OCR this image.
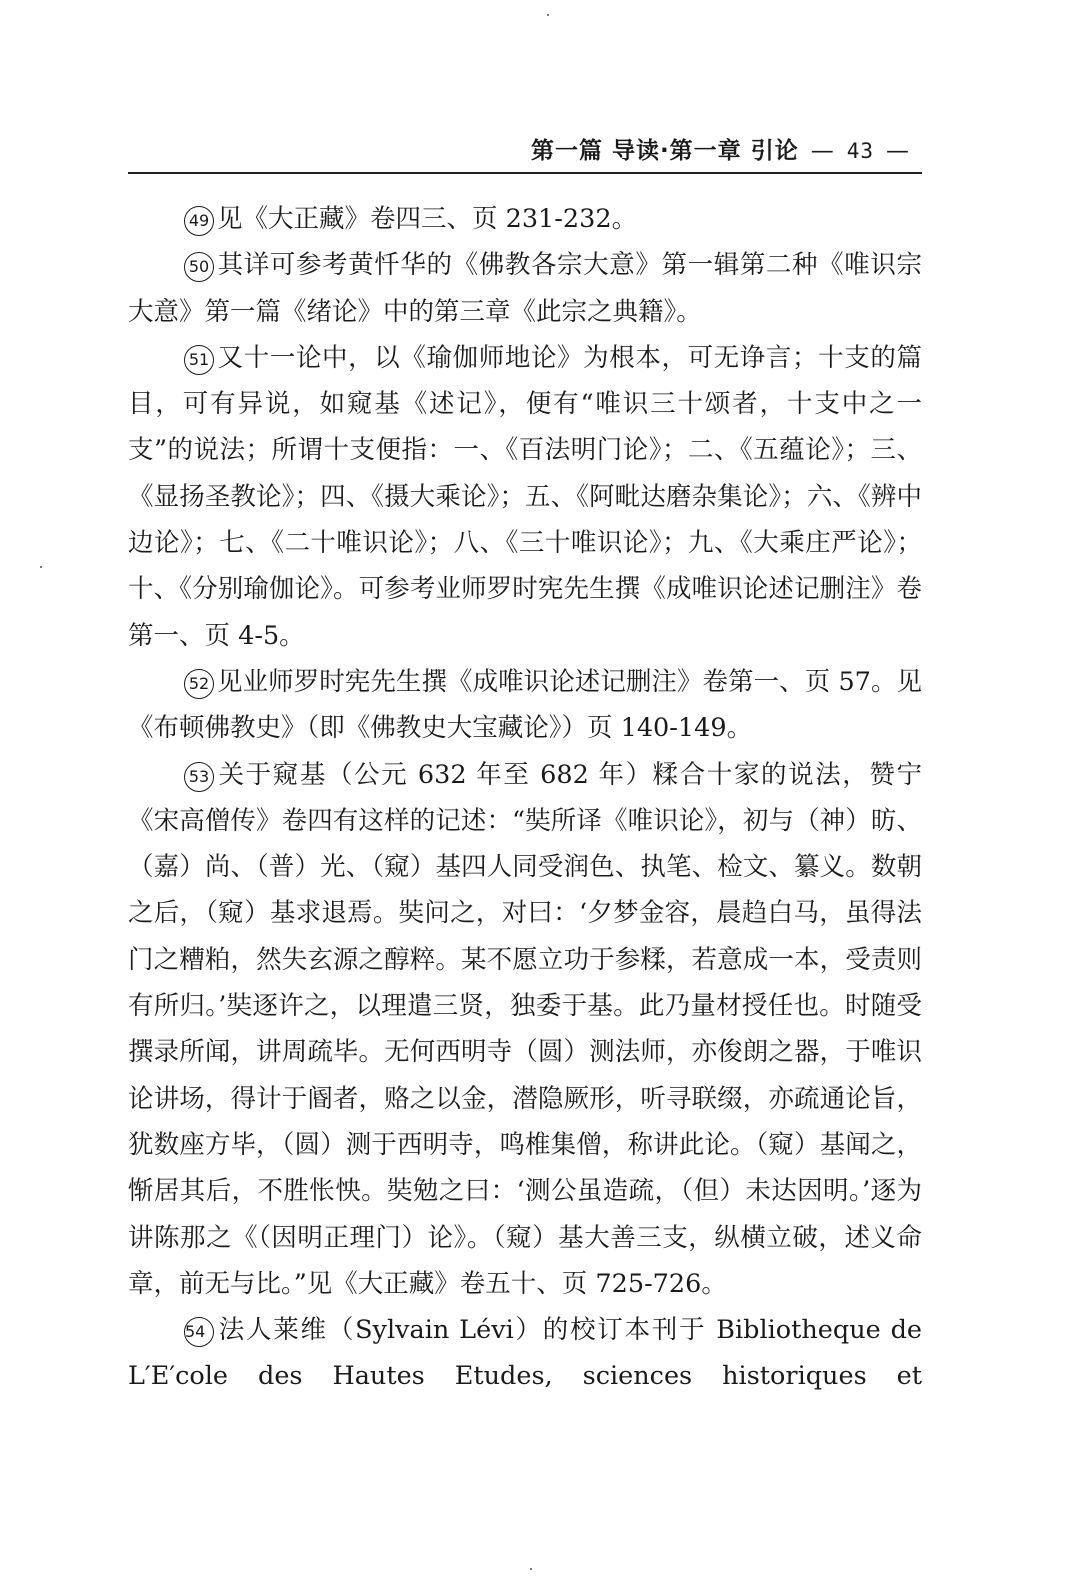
第一篇 导读·第一章 引论 — 43 —

49 见《大正藏》卷四三、页 231-232。

50 其详可参考黄忏华的《佛教各宗大意》第一辑第二种《唯识宗大意》第一篇《绪论》中的第三章《此宗之典籍》。

51 又十一论中，以《瑜伽师地论》为根本，可无诤言；十支的篇目，可有异说，如窥基《述记》，便有“唯识三十颂者，十支中之一支”的说法；所谓十支便指：一、《百法明门论》；二、《五蕴论》；三、《显扬圣教论》；四、《摄大乘论》；五、《阿毗达磨杂集论》；六、《辨中边论》；七、《二十唯识论》；八、《三十唯识论》；九、《大乘庄严论》；十、《分别瑜伽论》。可参考业师罗时宪先生撰《成唯识论述记删注》卷第一、页 4-5。

52 见业师罗时宪先生撰《成唯识论述记删注》卷第一、页 57。见《布顿佛教史》（即《佛教史大宝藏论》）页 140-149。

53 关于窥基（公元 632 年至 682 年）糅合十家的说法，赞宁《宋高僧传》卷四有这样的记述：“奘所译《唯识论》，初与（神）昉、（嘉）尚、（普）光、（窥）基四人同受润色、执笔、检文、纂义。数朝之后，（窥）基求退焉。奘问之，对曰：‘夕梦金容，晨趋白马，虽得法门之糟粕，然失玄源之醇粹。某不愿立功于参糅，若意成一本，受责则有所归。’奘逐许之，以理遣三贤，独委于基。此乃量材授任也。时随受撰录所闻，讲周疏毕。无何西明寺（圆）测法师，亦俊朗之器，于唯识论讲场，得计于阍者，赂之以金，潜隐厥形，听寻联缀，亦疏通论旨，犹数座方毕，（圆）测于西明寺，鸣椎集僧，称讲此论。（窥）基闻之，惭居其后，不胜怅怏。奘勉之曰：‘测公虽造疏，（但）未达因明。’逐为讲陈那之《（因明正理门）论》。（窥）基大善三支，纵横立破，述义命章，前无与比。”见《大正藏》卷五十、页 725-726。

54 法人莱维（Sylvain Lévi）的校订本刊于 Bibliotheque de L′E′cole des Hautes Etudes, sciences historiques et
